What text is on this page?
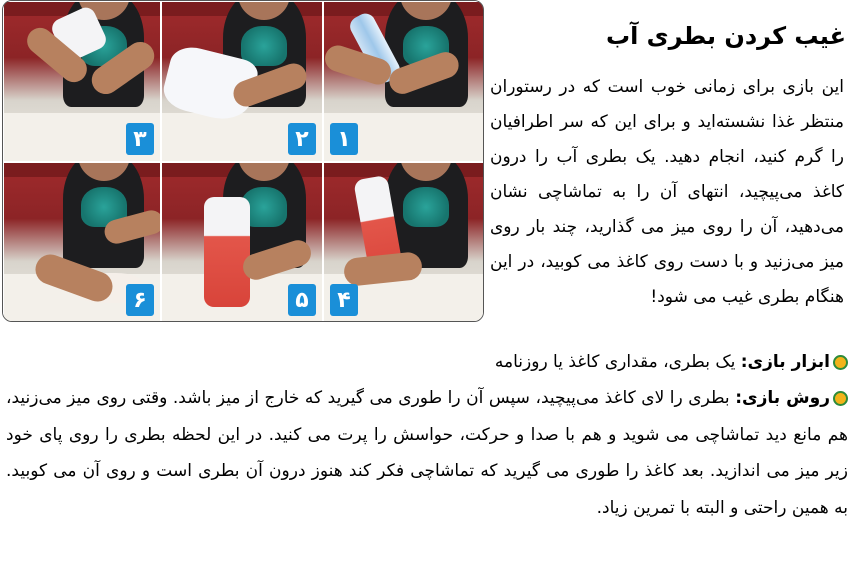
۳	۲	۱
۶	۵	۴
غیب کردن بطری آب

این بازی برای زمانی خوب است که در رستوران منتظر غذا نشسته‌اید و برای این که سر اطرافیان را گرم کنید، انجام دهید. یک بطری آب را درون کاغذ می‌پیچید، انتهای آن را به تماشاچی نشان می‌دهید، آن را روی میز می‌ گذارید، چند بار روی میز می‌زنید و با دست روی کاغذ می کوبید، در این هنگام بطری غیب می شود!

ابزار بازی: یک بطری، مقداری کاغذ یا روزنامه

روش بازی: بطری را لای کاغذ می‌پیچید، سپس آن را طوری می گیرید که خارج از میز باشد. وقتی روی میز می‌زنید، هم مانع دید تماشاچی می شوید و هم با صدا و حرکت، حواسش را پرت می کنید. در این لحظه بطری را روی پای خود زیر میز می اندازید. بعد کاغذ را طوری می گیرید که تماشاچی فکر کند هنوز درون آن بطری است و روی آن می کوبید. به همین راحتی و البته با تمرین زیاد.
